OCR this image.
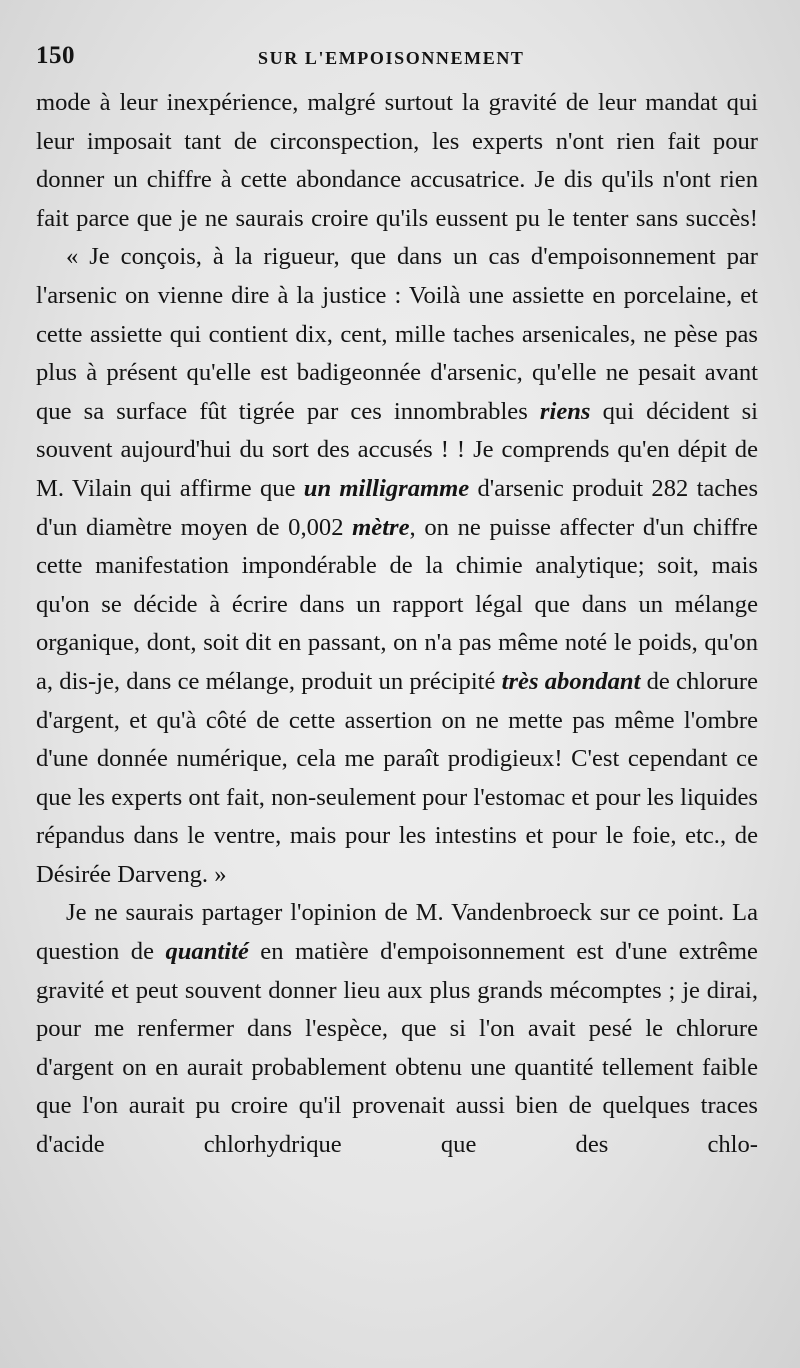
150	SUR L'EMPOISONNEMENT

mode à leur inexpérience, malgré surtout la gravité de leur mandat qui leur imposait tant de circonspection, les experts n'ont rien fait pour donner un chiffre à cette abondance accusatrice. Je dis qu'ils n'ont rien fait parce que je ne saurais croire qu'ils eussent pu le tenter sans succès!

« Je conçois, à la rigueur, que dans un cas d'empoisonnement par l'arsenic on vienne dire à la justice : Voilà une assiette en porcelaine, et cette assiette qui contient dix, cent, mille taches arsenicales, ne pèse pas plus à présent qu'elle est badigeonnée d'arsenic, qu'elle ne pesait avant que sa surface fût tigrée par ces innombrables riens qui décident si souvent aujourd'hui du sort des accusés ! ! Je comprends qu'en dépit de M. Vilain qui affirme que un milligramme d'arsenic produit 282 taches d'un diamètre moyen de 0,002 mètre, on ne puisse affecter d'un chiffre cette manifestation impondérable de la chimie analytique; soit, mais qu'on se décide à écrire dans un rapport légal que dans un mélange organique, dont, soit dit en passant, on n'a pas même noté le poids, qu'on a, dis-je, dans ce mélange, produit un précipité très abondant de chlorure d'argent, et qu'à côté de cette assertion on ne mette pas même l'ombre d'une donnée numérique, cela me paraît prodigieux! C'est cependant ce que les experts ont fait, non-seulement pour l'estomac et pour les liquides répandus dans le ventre, mais pour les intestins et pour le foie, etc., de Désirée Darveng. »

Je ne saurais partager l'opinion de M. Vandenbroeck sur ce point. La question de quantité en matière d'empoisonnement est d'une extrême gravité et peut souvent donner lieu aux plus grands mécomptes ; je dirai, pour me renfermer dans l'espèce, que si l'on avait pesé le chlorure d'argent on en aurait probablement obtenu une quantité tellement faible que l'on aurait pu croire qu'il provenait aussi bien de quelques traces d'acide chlorhydrique que des chlo-
